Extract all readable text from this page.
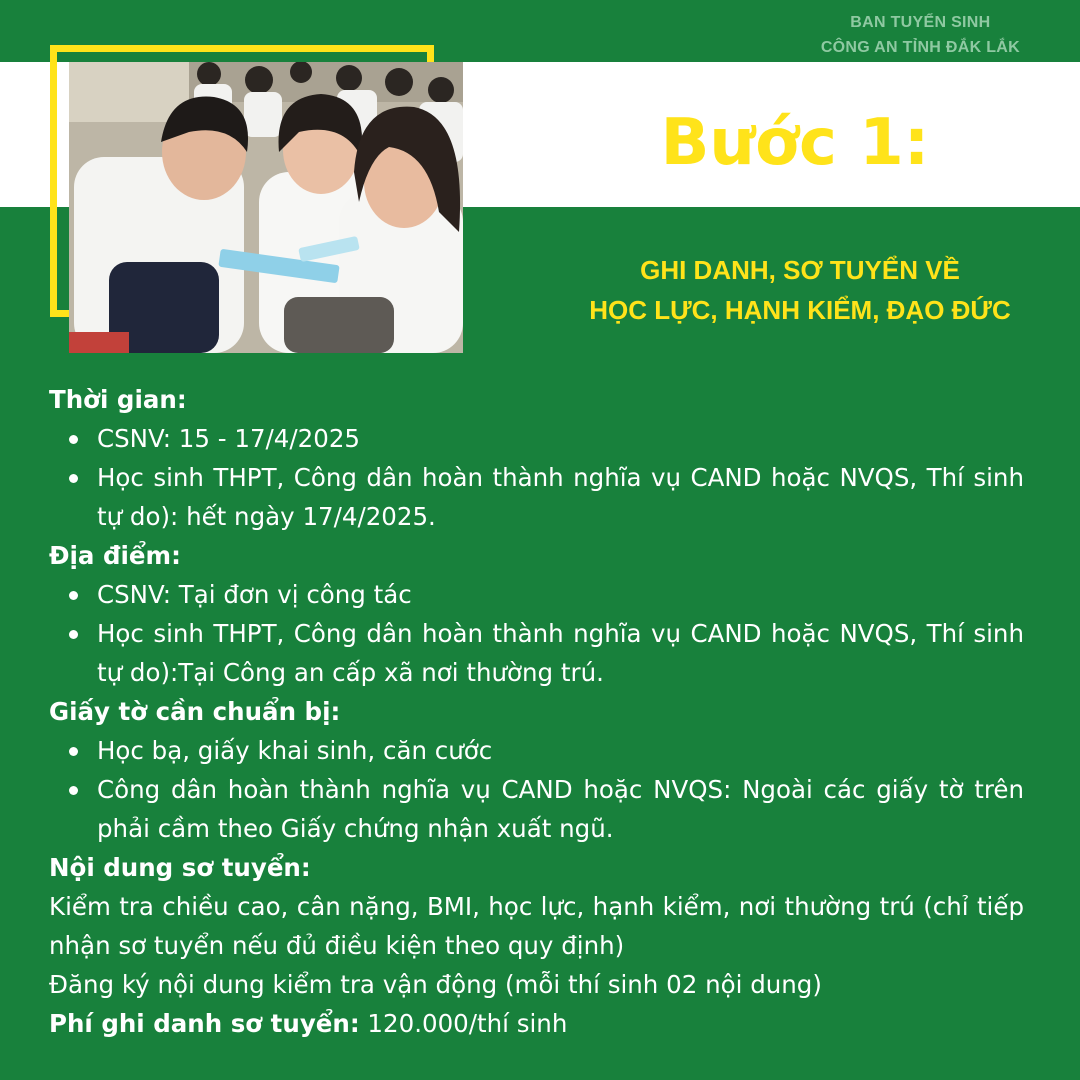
BAN TUYỂN SINH
CÔNG AN TỈNH ĐẮK LẮK
Bước 1:
GHI DANH, SƠ TUYỂN VỀ
HỌC LỰC, HẠNH KIỂM, ĐẠO ĐỨC
Thời gian:
CSNV: 15 - 17/4/2025
Học sinh THPT, Công dân hoàn thành nghĩa vụ CAND hoặc NVQS, Thí sinh tự do): hết ngày 17/4/2025.
Địa điểm:
CSNV: Tại đơn vị công tác
Học sinh THPT, Công dân hoàn thành nghĩa vụ CAND hoặc NVQS, Thí sinh tự do):Tại Công an cấp xã nơi thường trú.
Giấy tờ cần chuẩn bị:
Học bạ, giấy khai sinh, căn cước
Công dân hoàn thành nghĩa vụ CAND hoặc NVQS: Ngoài các giấy tờ trên phải cầm theo Giấy chứng nhận xuất ngũ.
Nội dung sơ tuyển:

Kiểm tra chiều cao, cân nặng, BMI, học lực, hạnh kiểm, nơi thường trú (chỉ tiếp nhận sơ tuyển nếu đủ điều kiện theo quy định)

Đăng ký nội dung kiểm tra vận động (mỗi thí sinh 02 nội dung)

Phí ghi danh sơ tuyển: 120.000/thí sinh
